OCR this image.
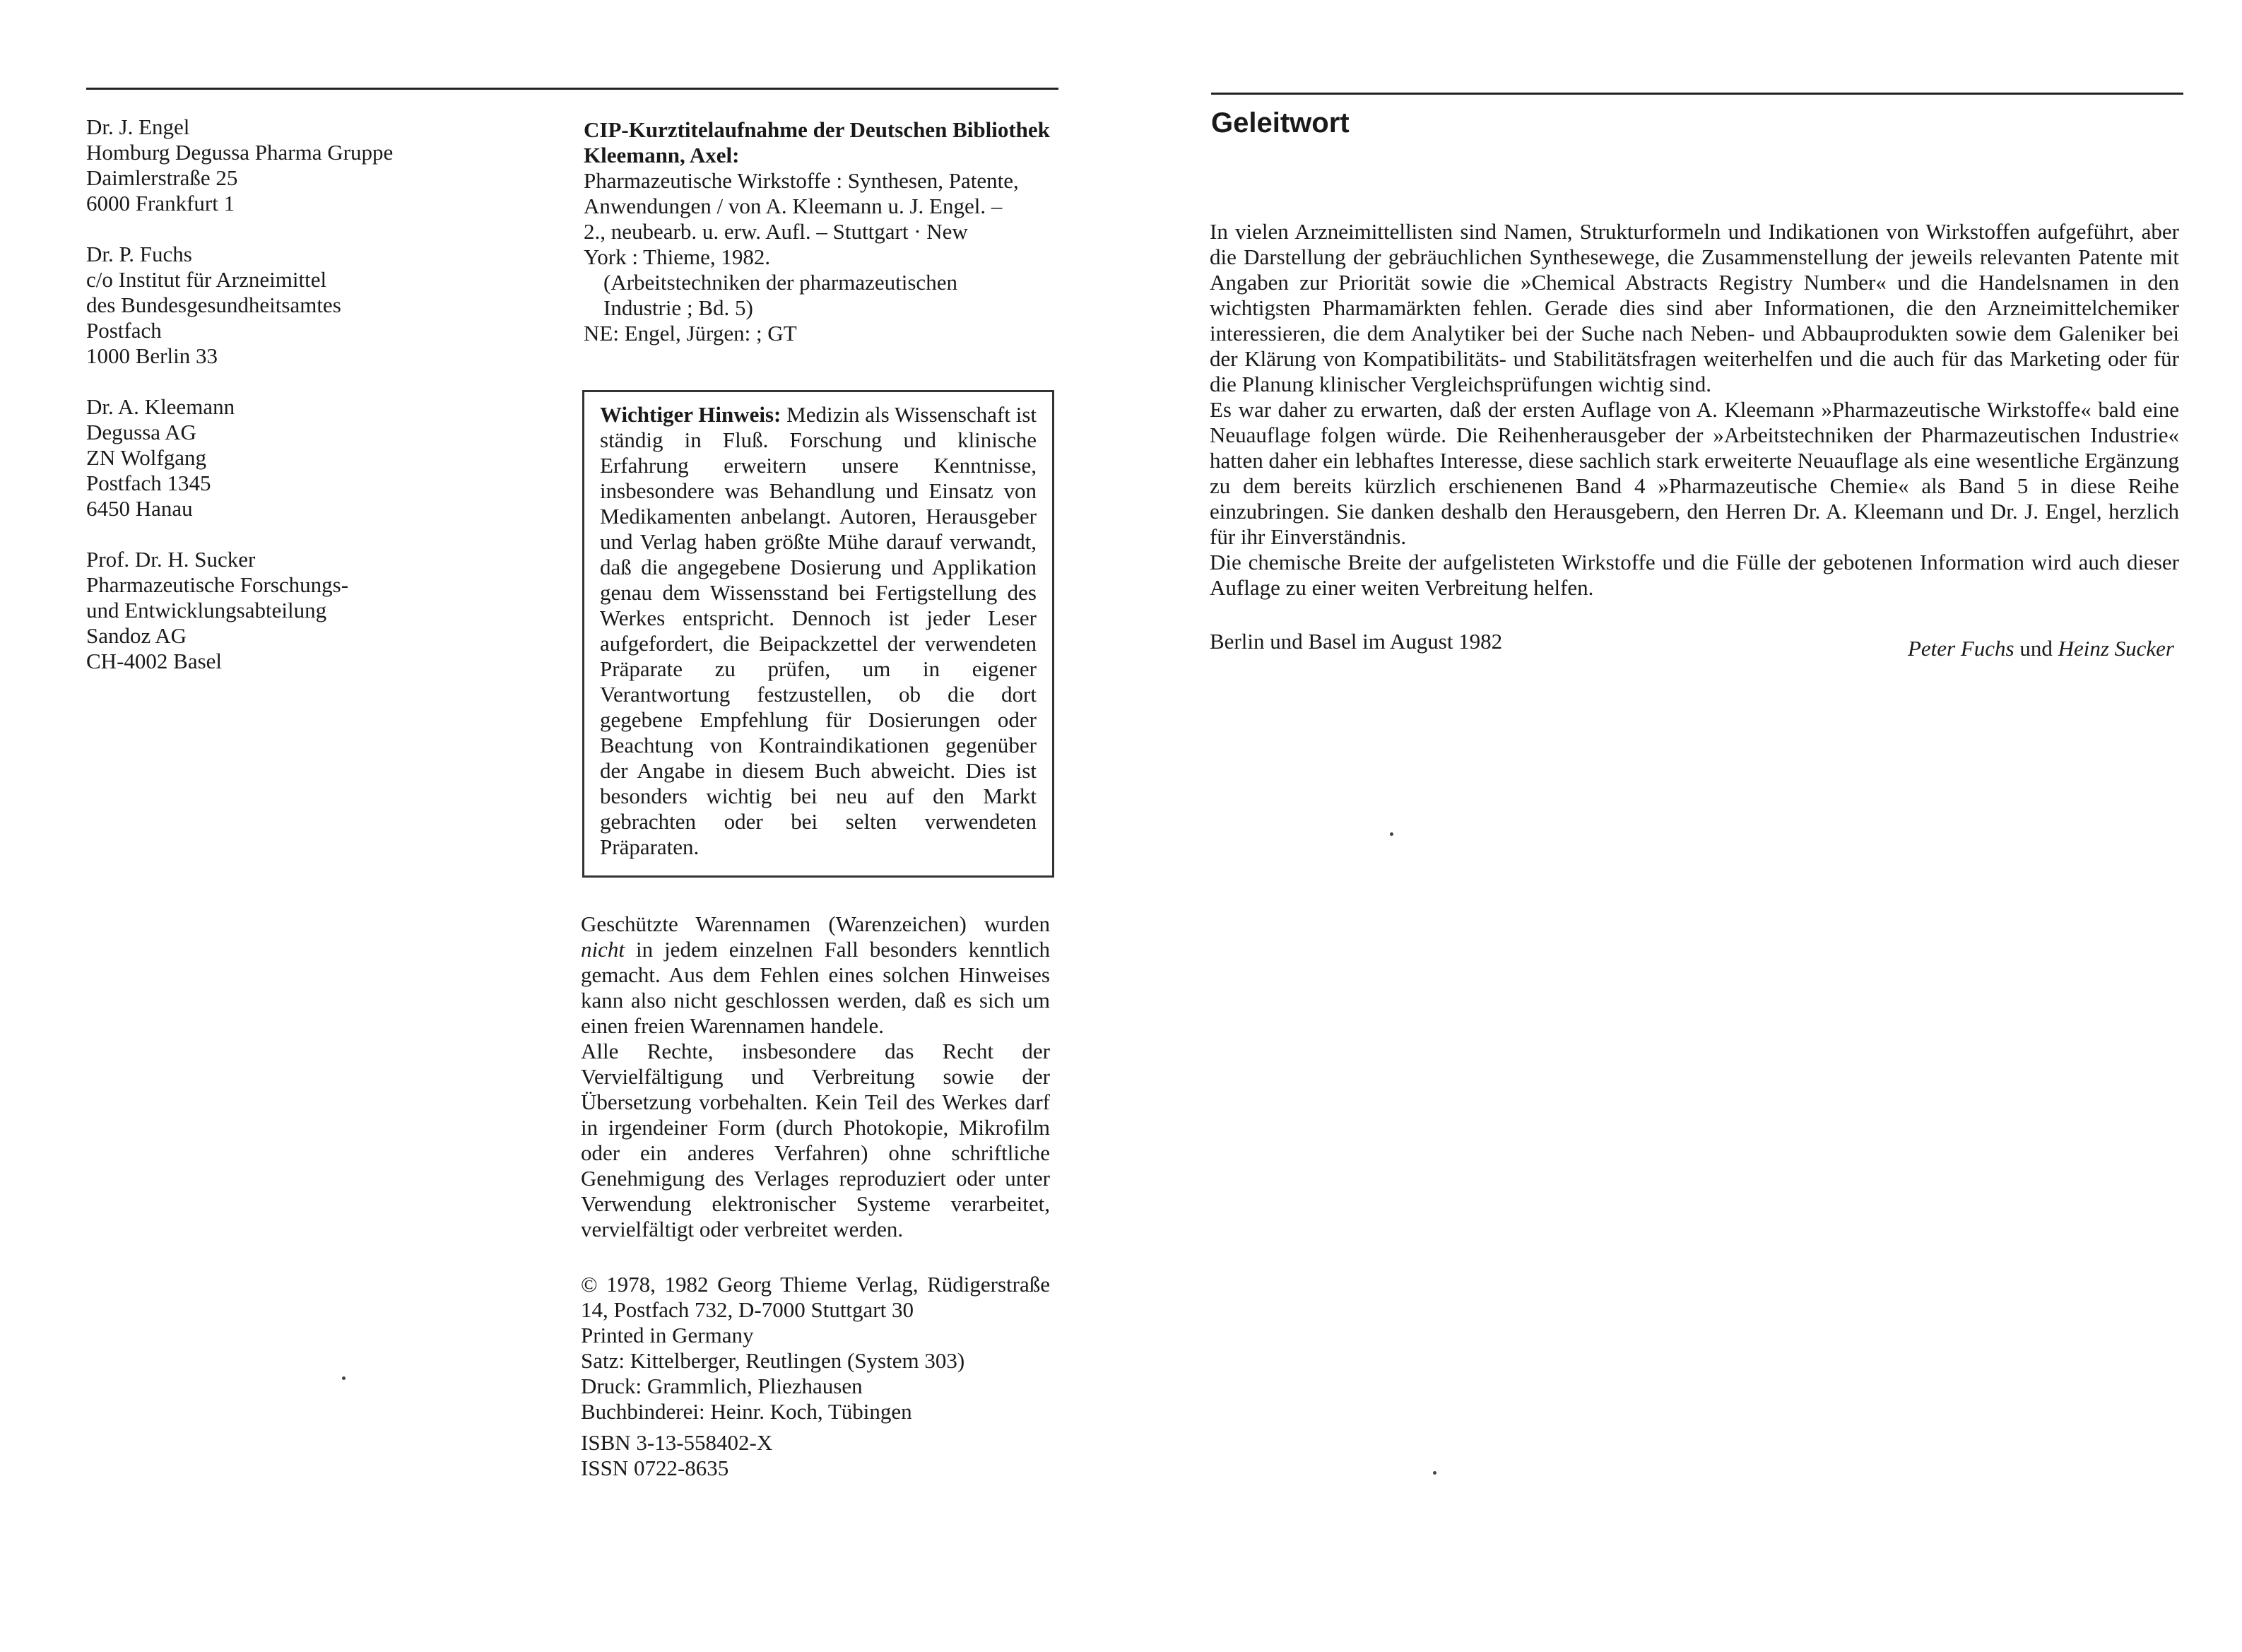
Dr. J. Engel
Homburg Degussa Pharma Gruppe
Daimlerstraße 25
6000 Frankfurt 1
Dr. P. Fuchs
c/o Institut für Arzneimittel
des Bundesgesundheitsamtes
Postfach
1000 Berlin 33
Dr. A. Kleemann
Degussa AG
ZN Wolfgang
Postfach 1345
6450 Hanau
Prof. Dr. H. Sucker
Pharmazeutische Forschungs-
und Entwicklungsabteilung
Sandoz AG
CH-4002 Basel
CIP-Kurztitelaufnahme der Deutschen Bibliothek
Kleemann, Axel:
Pharmazeutische Wirkstoffe : Synthesen, Patente,
Anwendungen / von A. Kleemann u. J. Engel. –
2., neubearb. u. erw. Aufl. – Stuttgart · New
York : Thieme, 1982.
(Arbeitstechniken der pharmazeutischen
Industrie ; Bd. 5)
NE: Engel, Jürgen: ; GT
Wichtiger Hinweis: Medizin als Wissenschaft ist ständig in Fluß. Forschung und klinische Erfahrung erweitern unsere Kenntnisse, insbesondere was Behandlung und Einsatz von Medikamenten anbelangt. Autoren, Herausgeber und Verlag haben größte Mühe darauf verwandt, daß die angegebene Dosierung und Applikation genau dem Wissensstand bei Fertigstellung des Werkes entspricht. Dennoch ist jeder Leser aufgefordert, die Beipackzettel der verwendeten Präparate zu prüfen, um in eigener Verantwortung festzustellen, ob die dort gegebene Empfehlung für Dosierungen oder Beachtung von Kontraindikationen gegenüber der Angabe in diesem Buch abweicht. Dies ist besonders wichtig bei neu auf den Markt gebrachten oder bei selten verwendeten Präparaten.
Geschützte Warennamen (Warenzeichen) wurden nicht in jedem einzelnen Fall besonders kenntlich gemacht. Aus dem Fehlen eines solchen Hinweises kann also nicht geschlossen werden, daß es sich um einen freien Warennamen handele.
Alle Rechte, insbesondere das Recht der Vervielfältigung und Verbreitung sowie der Übersetzung vorbehalten. Kein Teil des Werkes darf in irgendeiner Form (durch Photokopie, Mikrofilm oder ein anderes Verfahren) ohne schriftliche Genehmigung des Verlages reproduziert oder unter Verwendung elektronischer Systeme verarbeitet, vervielfältigt oder verbreitet werden.
© 1978, 1982 Georg Thieme Verlag, Rüdigerstraße 14, Postfach 732, D-7000 Stuttgart 30
Printed in Germany
Satz: Kittelberger, Reutlingen (System 303)
Druck: Grammlich, Pliezhausen
Buchbinderei: Heinr. Koch, Tübingen
ISBN 3-13-558402-X
ISSN 0722-8635
Geleitwort

In vielen Arzneimittellisten sind Namen, Strukturformeln und Indikationen von Wirkstoffen aufgeführt, aber die Darstellung der gebräuchlichen Synthesewege, die Zusammenstellung der jeweils relevanten Patente mit Angaben zur Priorität sowie die »Chemical Abstracts Registry Number« und die Handelsnamen in den wichtigsten Pharmamärkten fehlen. Gerade dies sind aber Informationen, die den Arzneimittelchemiker interessieren, die dem Analytiker bei der Suche nach Neben- und Abbauprodukten sowie dem Galeniker bei der Klärung von Kompatibilitäts- und Stabilitätsfragen weiterhelfen und die auch für das Marketing oder für die Planung klinischer Vergleichsprüfungen wichtig sind.

Es war daher zu erwarten, daß der ersten Auflage von A. Kleemann »Pharmazeutische Wirkstoffe« bald eine Neuauflage folgen würde. Die Reihenherausgeber der »Arbeitstechniken der Pharmazeutischen Industrie« hatten daher ein lebhaftes Interesse, diese sachlich stark erweiterte Neuauflage als eine wesentliche Ergänzung zu dem bereits kürzlich erschienenen Band 4 »Pharmazeutische Chemie« als Band 5 in diese Reihe einzubringen. Sie danken deshalb den Herausgebern, den Herren Dr. A. Kleemann und Dr. J. Engel, herzlich für ihr Einverständnis.

Die chemische Breite der aufgelisteten Wirkstoffe und die Fülle der gebotenen Information wird auch dieser Auflage zu einer weiten Verbreitung helfen.

Berlin und Basel im August 1982	Peter Fuchs und Heinz Sucker
